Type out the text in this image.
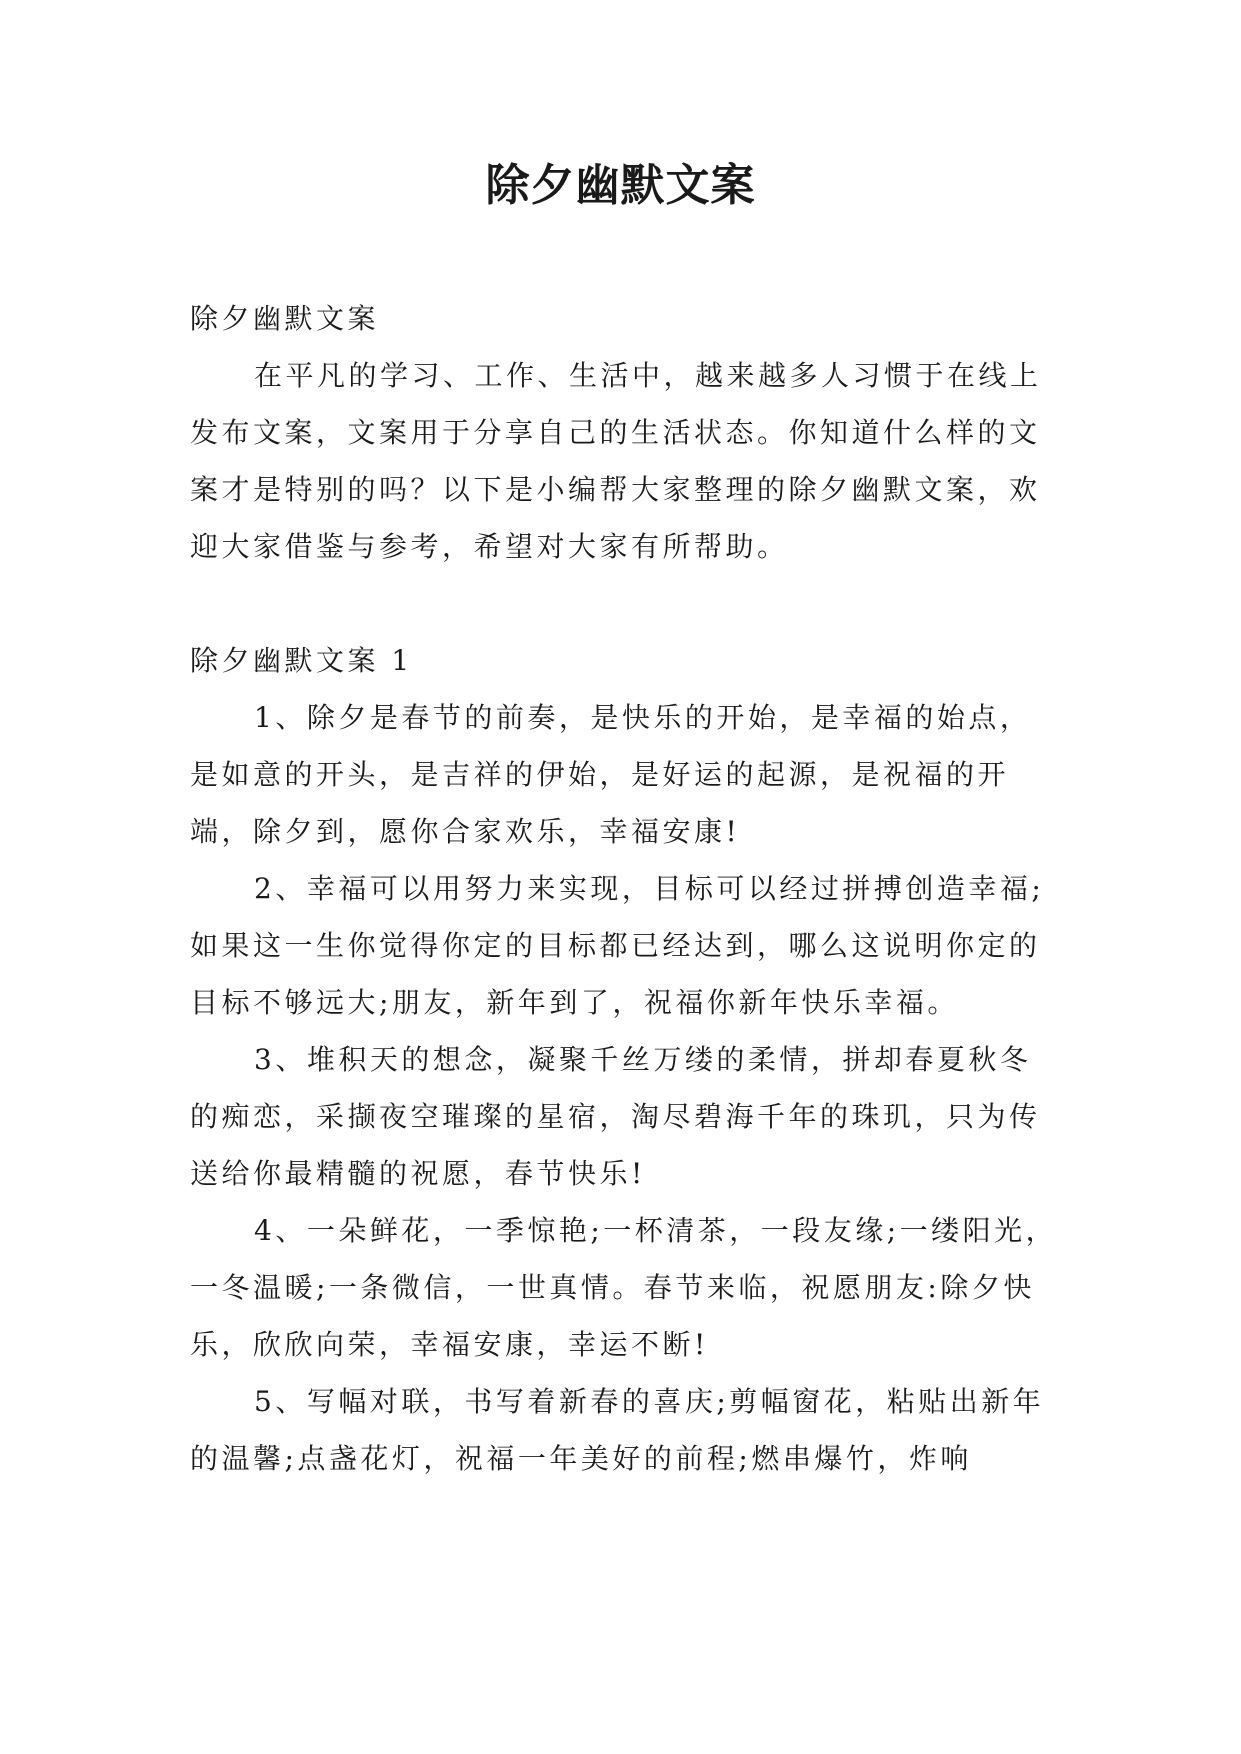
除夕幽默文案

除夕幽默文案

在平凡的学习、工作、生活中，越来越多人习惯于在线上发布文案，文案用于分享自己的生活状态。你知道什么样的文案才是特别的吗？以下是小编帮大家整理的除夕幽默文案，欢迎大家借鉴与参考，希望对大家有所帮助。

除夕幽默文案 1

1、除夕是春节的前奏，是快乐的开始，是幸福的始点，是如意的开头，是吉祥的伊始，是好运的起源，是祝福的开端，除夕到，愿你合家欢乐，幸福安康!

2、幸福可以用努力来实现，目标可以经过拼搏创造幸福;如果这一生你觉得你定的目标都已经达到，哪么这说明你定的目标不够远大;朋友，新年到了，祝福你新年快乐幸福。

3、堆积天的想念，凝聚千丝万缕的柔情，拼却春夏秋冬的痴恋，采撷夜空璀璨的星宿，淘尽碧海千年的珠玑，只为传送给你最精髓的祝愿，春节快乐!

4、一朵鲜花，一季惊艳;一杯清茶，一段友缘;一缕阳光，一冬温暖;一条微信，一世真情。春节来临，祝愿朋友:除夕快乐，欣欣向荣，幸福安康，幸运不断!

5、写幅对联，书写着新春的喜庆;剪幅窗花，粘贴出新年的温馨;点盏花灯，祝福一年美好的前程;燃串爆竹，炸响
